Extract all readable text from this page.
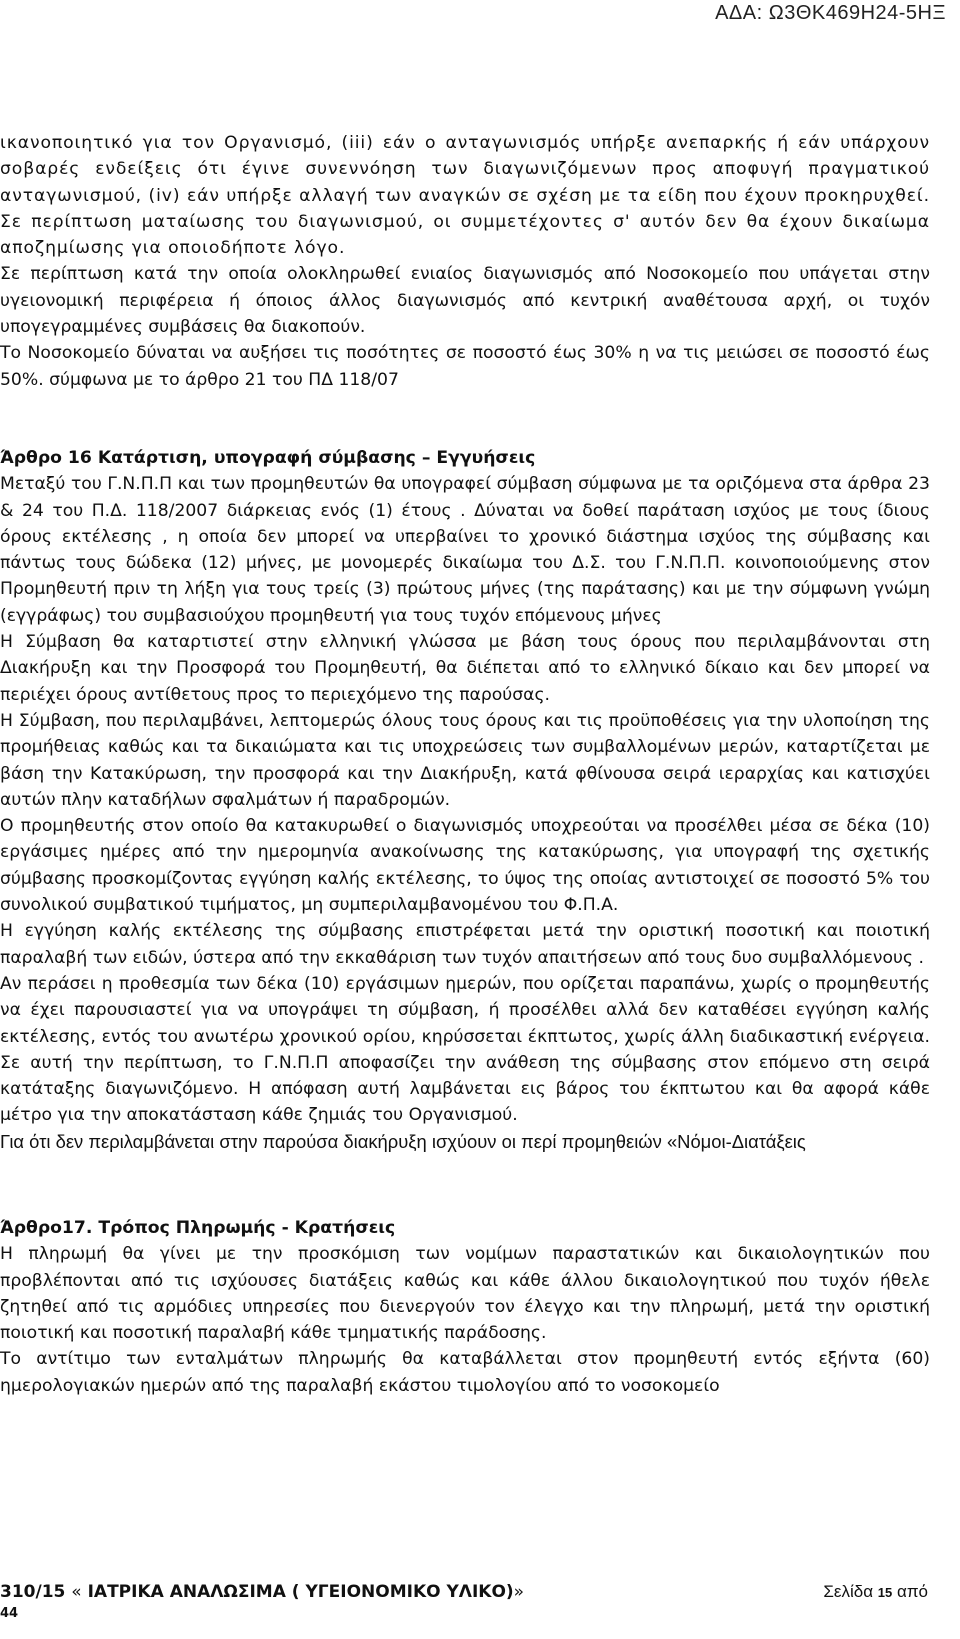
ΑΔΑ: Ω3ΘΚ469Η24-5ΗΞ

ικανοποιητικό για τον Οργανισμό, (iii) εάν ο ανταγωνισμός υπήρξε ανεπαρκής ή εάν υπάρχουν σοβαρές ενδείξεις ότι έγινε συνεννόηση των διαγωνιζόμενων προς αποφυγή πραγματικού ανταγωνισμού, (iv) εάν υπήρξε αλλαγή των αναγκών σε σχέση με τα είδη που έχουν προκηρυχθεί. Σε περίπτωση ματαίωσης του διαγωνισμού, οι συμμετέχοντες σ' αυτόν δεν θα έχουν δικαίωμα αποζημίωσης για οποιοδήποτε λόγο.

Σε περίπτωση κατά την οποία ολοκληρωθεί ενιαίος διαγωνισμός από Νοσοκομείο που υπάγεται στην υγειονομική περιφέρεια ή όποιος άλλος διαγωνισμός από κεντρική αναθέτουσα αρχή, οι τυχόν υπογεγραμμένες συμβάσεις θα διακοπούν.

Το Νοσοκομείο δύναται να αυξήσει τις ποσότητες σε ποσοστό έως 30% η να τις μειώσει σε ποσοστό έως 50%. σύμφωνα με το άρθρο 21 του ΠΔ 118/07

Άρθρο 16 Κατάρτιση, υπογραφή σύμβασης – Εγγυήσεις

Μεταξύ του Γ.Ν.Π.Π και των προμηθευτών θα υπογραφεί σύμβαση σύμφωνα με τα οριζόμενα στα άρθρα 23 & 24 του Π.Δ. 118/2007 διάρκειας ενός (1) έτους . Δύναται να δοθεί παράταση ισχύος με τους ίδιους όρους εκτέλεσης , η οποία δεν μπορεί να υπερβαίνει το χρονικό διάστημα ισχύος της σύμβασης και πάντως τους δώδεκα (12) μήνες, με μονομερές δικαίωμα του Δ.Σ. του Γ.Ν.Π.Π. κοινοποιούμενης στον Προμηθευτή πριν τη λήξη για τους τρείς (3) πρώτους μήνες (της παράτασης) και με την σύμφωνη γνώμη (εγγράφως) του συμβασιούχου προμηθευτή για τους τυχόν επόμενους μήνες

Η Σύμβαση θα καταρτιστεί στην ελληνική γλώσσα με βάση τους όρους που περιλαμβάνονται στη Διακήρυξη και την Προσφορά του Προμηθευτή, θα διέπεται από το ελληνικό δίκαιο και δεν μπορεί να περιέχει όρους αντίθετους προς το περιεχόμενο της παρούσας.

Η Σύμβαση, που περιλαμβάνει, λεπτομερώς όλους τους όρους και τις προϋποθέσεις για την υλοποίηση της προμήθειας καθώς και τα δικαιώματα και τις υποχρεώσεις των συμβαλλομένων μερών, καταρτίζεται με βάση την Κατακύρωση, την προσφορά και την Διακήρυξη, κατά φθίνουσα σειρά ιεραρχίας και κατισχύει αυτών πλην καταδήλων σφαλμάτων ή παραδρομών.

Ο προμηθευτής στον οποίο θα κατακυρωθεί ο διαγωνισμός υποχρεούται να προσέλθει μέσα σε δέκα (10) εργάσιμες ημέρες από την ημερομηνία ανακοίνωσης της κατακύρωσης, για υπογραφή της σχετικής σύμβασης προσκομίζοντας εγγύηση καλής εκτέλεσης, το ύψος της οποίας αντιστοιχεί σε ποσοστό 5% του συνολικού συμβατικού τιμήματος, μη συμπεριλαμβανομένου του Φ.Π.Α.

Η εγγύηση καλής εκτέλεσης της σύμβασης επιστρέφεται μετά την οριστική ποσοτική και ποιοτική παραλαβή των ειδών, ύστερα από την εκκαθάριση των τυχόν απαιτήσεων από τους δυο συμβαλλόμενους .

Αν περάσει η προθεσμία των δέκα (10) εργάσιμων ημερών, που ορίζεται παραπάνω, χωρίς ο προμηθευτής να έχει παρουσιαστεί για να υπογράψει τη σύμβαση, ή προσέλθει αλλά δεν καταθέσει εγγύηση καλής εκτέλεσης, εντός του ανωτέρω χρονικού ορίου, κηρύσσεται έκπτωτος, χωρίς άλλη διαδικαστική ενέργεια. Σε αυτή την περίπτωση, το Γ.Ν.Π.Π αποφασίζει την ανάθεση της σύμβασης στον επόμενο στη σειρά κατάταξης διαγωνιζόμενο. Η απόφαση αυτή λαμβάνεται εις βάρος του έκπτωτου και θα αφορά κάθε μέτρο για την αποκατάσταση κάθε ζημιάς του Οργανισμού.

Για ότι δεν περιλαμβάνεται στην παρούσα διακήρυξη ισχύουν οι περί προμηθειών «Νόμοι-Διατάξεις

Άρθρο17. Τρόπος Πληρωμής - Κρατήσεις

Η πληρωμή θα γίνει με την προσκόμιση των νομίμων παραστατικών και δικαιολογητικών που προβλέπονται από τις ισχύουσες διατάξεις καθώς και κάθε άλλου δικαιολογητικού που τυχόν ήθελε ζητηθεί από τις αρμόδιες υπηρεσίες που διενεργούν τον έλεγχο και την πληρωμή, μετά την οριστική ποιοτική και ποσοτική παραλαβή κάθε τμηματικής παράδοσης.

Το αντίτιμο των ενταλμάτων πληρωμής θα καταβάλλεται στον προμηθευτή εντός εξήντα (60) ημερολογιακών ημερών από της παραλαβή εκάστου τιμολογίου από το νοσοκομείο

310/15 « ΙΑΤΡΙΚΑ ΑΝΑΛΩΣΙΜΑ ( ΥΓΕΙΟΝΟΜΙΚΟ ΥΛΙΚΟ)»	Σελίδα 15 από
44
